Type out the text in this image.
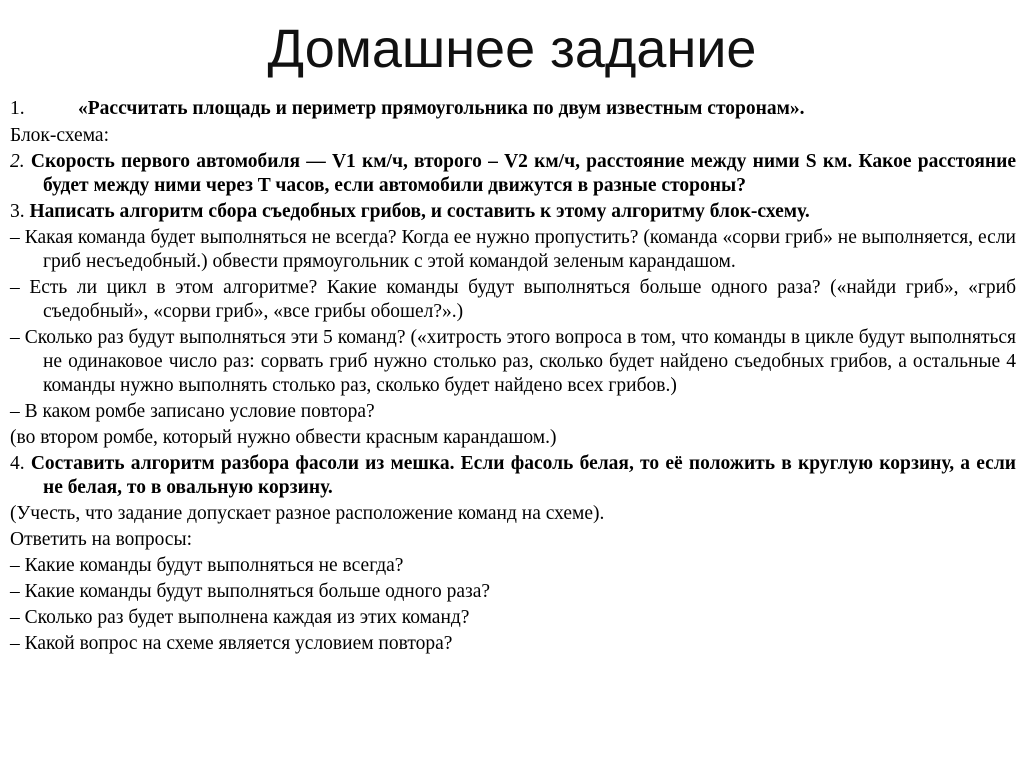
Домашнее задание
1.	«Рассчитать площадь и периметр прямоугольника по двум известным сторонам».
Блок-схема:
2. Скорость первого автомобиля — V1 км/ч, второго – V2 км/ч, расстояние между ними S км. Какое расстояние будет между ними через T часов, если автомобили движутся в разные стороны?
3. Написать алгоритм сбора съедобных грибов, и составить к этому алгоритму блок-схему.
– Какая команда будет выполняться не всегда? Когда ее нужно пропустить? (команда «сорви гриб» не выполняется, если гриб несъедобный.) обвести прямоугольник с этой командой зеленым карандашом.
– Есть ли цикл в этом алгоритме? Какие команды будут выполняться больше одного раза? («найди гриб», «гриб съедобный», «сорви гриб», «все грибы обошел?».)
– Сколько раз будут выполняться эти 5 команд? («хитрость этого вопроса в том, что команды в цикле будут выполняться не одинаковое число раз: сорвать гриб нужно столько раз, сколько будет найдено съедобных грибов, а остальные 4 команды нужно выполнять столько раз, сколько будет найдено всех грибов.)
– В каком ромбе записано условие повтора?
(во втором ромбе, который нужно обвести красным карандашом.)
4. Составить алгоритм разбора фасоли из мешка. Если фасоль белая, то её положить в круглую корзину, а если не белая, то в овальную корзину.
(Учесть, что задание допускает разное расположение команд на схеме).
Ответить на вопросы:
– Какие команды будут выполняться не всегда?
– Какие команды будут выполняться больше одного раза?
– Сколько раз будет выполнена каждая из этих команд?
– Какой вопрос на схеме является условием повтора?
